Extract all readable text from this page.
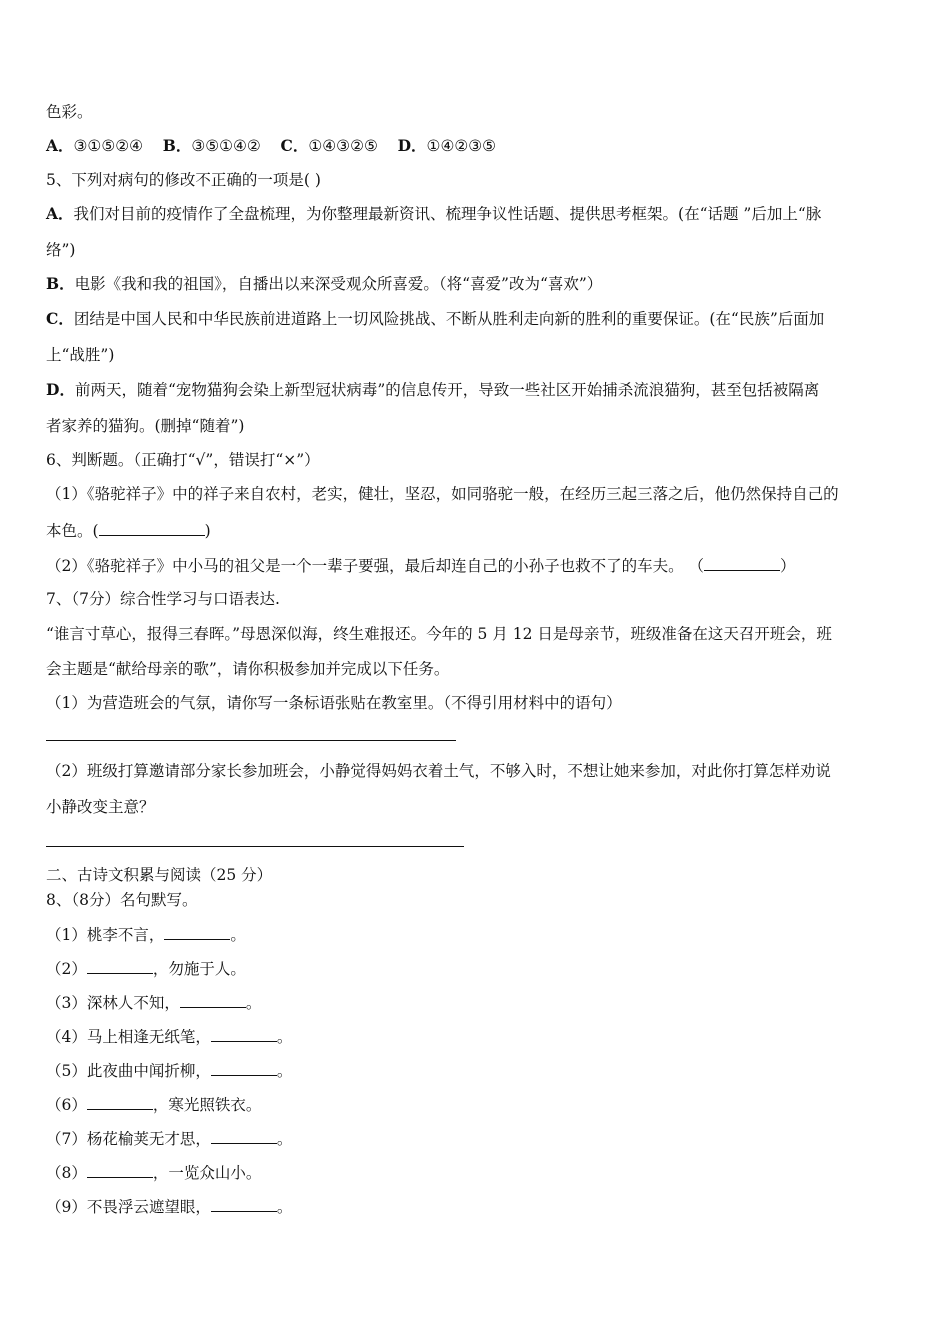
色彩。
A．③①⑤②④ B．③⑤①④② C．①④③②⑤ D．①④②③⑤
5、下列对病句的修改不正确的一项是( )
A．我们对目前的疫情作了全盘梳理，为你整理最新资讯、梳理争议性话题、提供思考框架。(在“话题 ”后加上“脉
络”)
B．电影《我和我的祖国》，自播出以来深受观众所喜爱。（将“喜爱”改为“喜欢”）
C．团结是中国人民和中华民族前进道路上一切风险挑战、不断从胜利走向新的胜利的重要保证。(在“民族”后面加
上“战胜”)
D．前两天，随着“宠物猫狗会染上新型冠状病毒”的信息传开，导致一些社区开始捕杀流浪猫狗，甚至包括被隔离
者家养的猫狗。(删掉“随着”)
6、判断题。（正确打“√”，错误打“×”）
（1）《骆驼祥子》中的祥子来自农村，老实，健壮，坚忍，如同骆驼一般，在经历三起三落之后，他仍然保持自己的
本色。(	)
（2）《骆驼祥子》中小马的祖父是一个一辈子要强，最后却连自己的小孙子也救不了的车夫。 （	）
7、（7分）综合性学习与口语表达.
“谁言寸草心，报得三春晖。”母恩深似海，终生难报还。今年的 5 月 12 日是母亲节，班级准备在这天召开班会，班
会主题是“献给母亲的歌”，请你积极参加并完成以下任务。
（1）为营造班会的气氛，请你写一条标语张贴在教室里。（不得引用材料中的语句）
（2）班级打算邀请部分家长参加班会，小静觉得妈妈衣着土气，不够入时，不想让她来参加，对此你打算怎样劝说
小静改变主意？
二、古诗文积累与阅读（25 分）
8、（8分）名句默写。
（1）桃李不言，	。
（2）	，勿施于人。
（3）深林人不知，	。
（4）马上相逢无纸笔，	。
（5）此夜曲中闻折柳，	。
（6）	，寒光照铁衣。
（7）杨花榆荚无才思，	。
（8）	，一览众山小。
（9）不畏浮云遮望眼，	。
